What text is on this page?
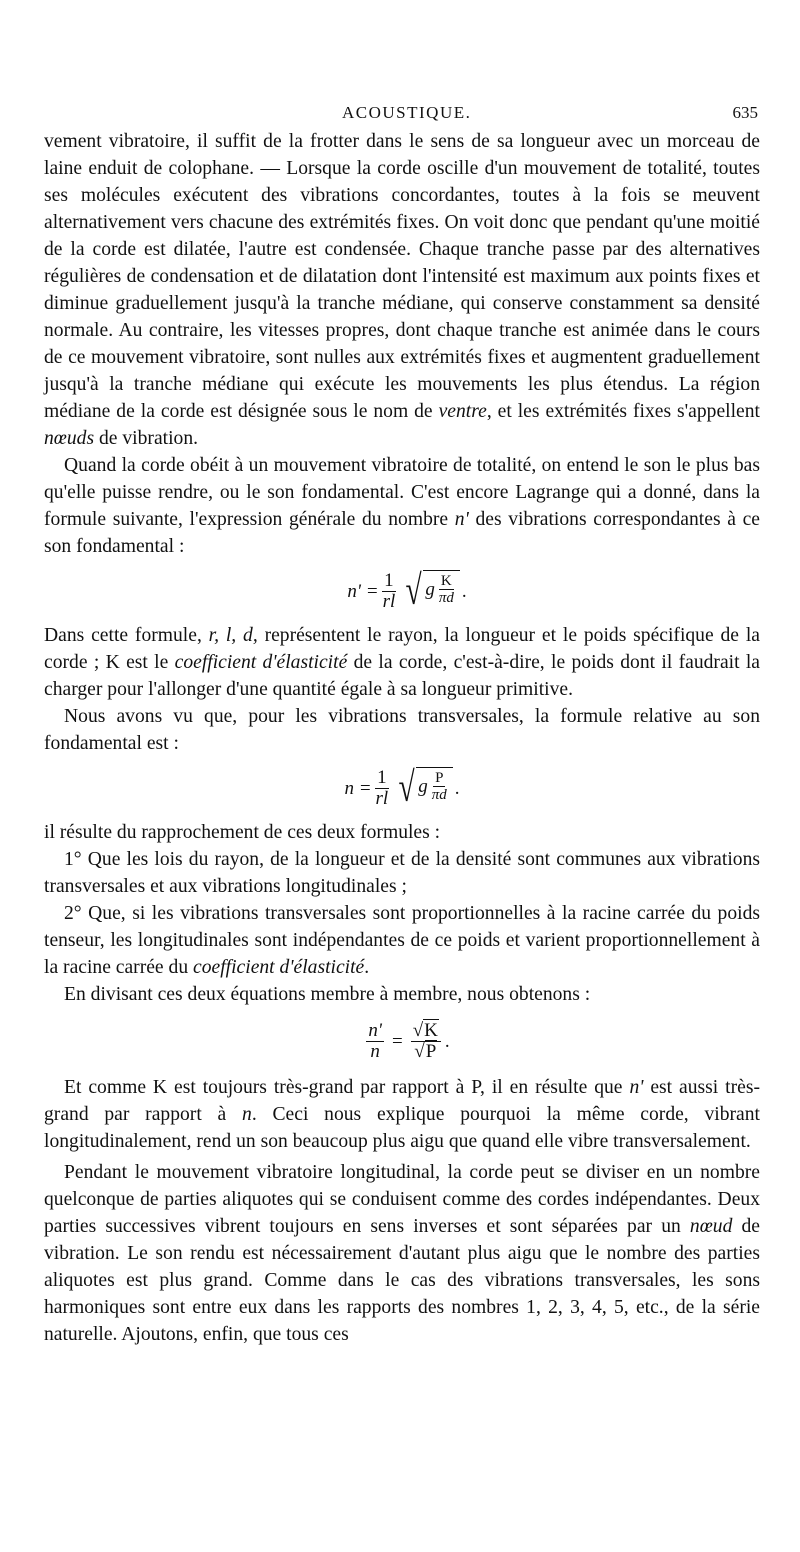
ACOUSTIQUE.	635

vement vibratoire, il suffit de la frotter dans le sens de sa longueur avec un morceau de laine enduit de colophane. — Lorsque la corde oscille d'un mouvement de totalité, toutes ses molécules exécutent des vibrations concordantes, toutes à la fois se meuvent alternativement vers chacune des extrémités fixes. On voit donc que pendant qu'une moitié de la corde est dilatée, l'autre est condensée. Chaque tranche passe par des alternatives régulières de condensation et de dilatation dont l'intensité est maximum aux points fixes et diminue graduellement jusqu'à la tranche médiane, qui conserve constamment sa densité normale. Au contraire, les vitesses propres, dont chaque tranche est animée dans le cours de ce mouvement vibratoire, sont nulles aux extrémités fixes et augmentent graduellement jusqu'à la tranche médiane qui exécute les mouvements les plus étendus. La région médiane de la corde est désignée sous le nom de ventre, et les extrémités fixes s'appellent nœuds de vibration.

Quand la corde obéit à un mouvement vibratoire de totalité, on entend le son le plus bas qu'elle puisse rendre, ou le son fondamental. C'est encore Lagrange qui a donné, dans la formule suivante, l'expression générale du nombre n' des vibrations correspondantes à ce son fondamental :

$n' = \frac{1}{rl}$ √ g $\frac{K}{\pi d}$ .

Dans cette formule, r, l, d, représentent le rayon, la longueur et le poids spécifique de la corde ; K est le coefficient d'élasticité de la corde, c'est-à-dire, le poids dont il faudrait la charger pour l'allonger d'une quantité égale à sa longueur primitive.

Nous avons vu que, pour les vibrations transversales, la formule relative au son fondamental est :

$n = \frac{1}{rl}$ √ g $\frac{P}{\pi d}$ .

il résulte du rapprochement de ces deux formules :

1° Que les lois du rayon, de la longueur et de la densité sont communes aux vibrations transversales et aux vibrations longitudinales ;

2° Que, si les vibrations transversales sont proportionnelles à la racine carrée du poids tenseur, les longitudinales sont indépendantes de ce poids et varient proportionnellement à la racine carrée du coefficient d'élasticité.

En divisant ces deux équations membre à membre, nous obtenons :

$\frac{n'}{n} = \frac{√K}{√P}$ .

Et comme K est toujours très-grand par rapport à P, il en résulte que n' est aussi très-grand par rapport à n. Ceci nous explique pourquoi la même corde, vibrant longitudinalement, rend un son beaucoup plus aigu que quand elle vibre transversalement.

Pendant le mouvement vibratoire longitudinal, la corde peut se diviser en un nombre quelconque de parties aliquotes qui se conduisent comme des cordes indépendantes. Deux parties successives vibrent toujours en sens inverses et sont séparées par un nœud de vibration. Le son rendu est nécessairement d'autant plus aigu que le nombre des parties aliquotes est plus grand. Comme dans le cas des vibrations transversales, les sons harmoniques sont entre eux dans les rapports des nombres 1, 2, 3, 4, 5, etc., de la série naturelle. Ajoutons, enfin, que tous ces
